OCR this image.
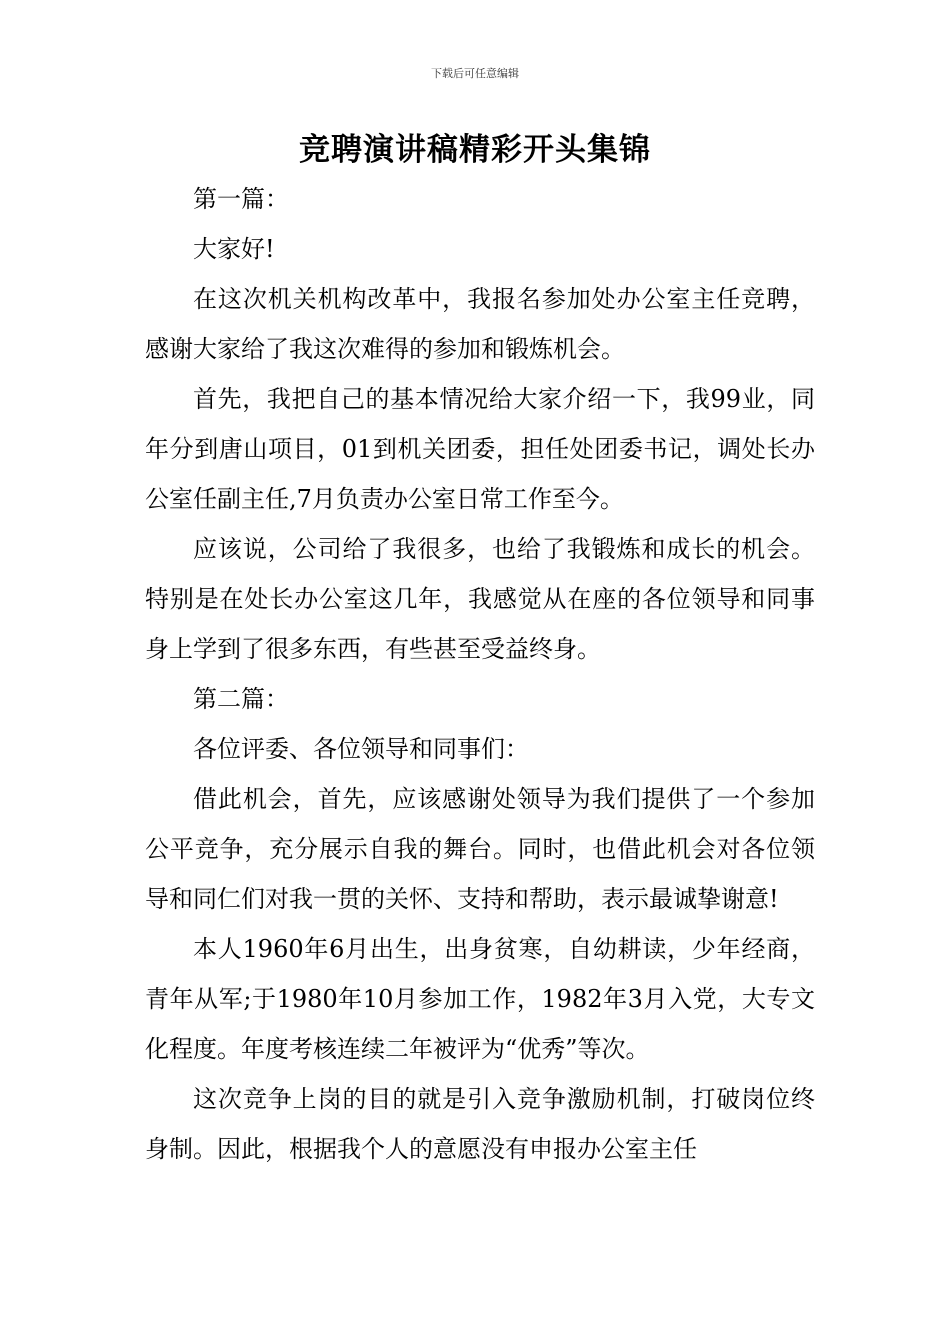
下载后可任意编辑
竞聘演讲稿精彩开头集锦

第一篇：

大家好!

在这次机关机构改革中，我报名参加处办公室主任竞聘，感谢大家给了我这次难得的参加和锻炼机会。

首先，我把自己的基本情况给大家介绍一下，我99业，同年分到唐山项目，01到机关团委，担任处团委书记，调处长办公室任副主任,7月负责办公室日常工作至今。

应该说，公司给了我很多，也给了我锻炼和成长的机会。特别是在处长办公室这几年，我感觉从在座的各位领导和同事身上学到了很多东西，有些甚至受益终身。

第二篇：

各位评委、各位领导和同事们：

借此机会，首先，应该感谢处领导为我们提供了一个参加公平竞争，充分展示自我的舞台。同时，也借此机会对各位领导和同仁们对我一贯的关怀、支持和帮助，表示最诚挚谢意!

本人1960年6月出生，出身贫寒，自幼耕读，少年经商，青年从军;于1980年10月参加工作，1982年3月入党，大专文化程度。年度考核连续二年被评为“优秀”等次。

这次竞争上岗的目的就是引入竞争激励机制，打破岗位终身制。因此，根据我个人的意愿没有申报办公室主任
